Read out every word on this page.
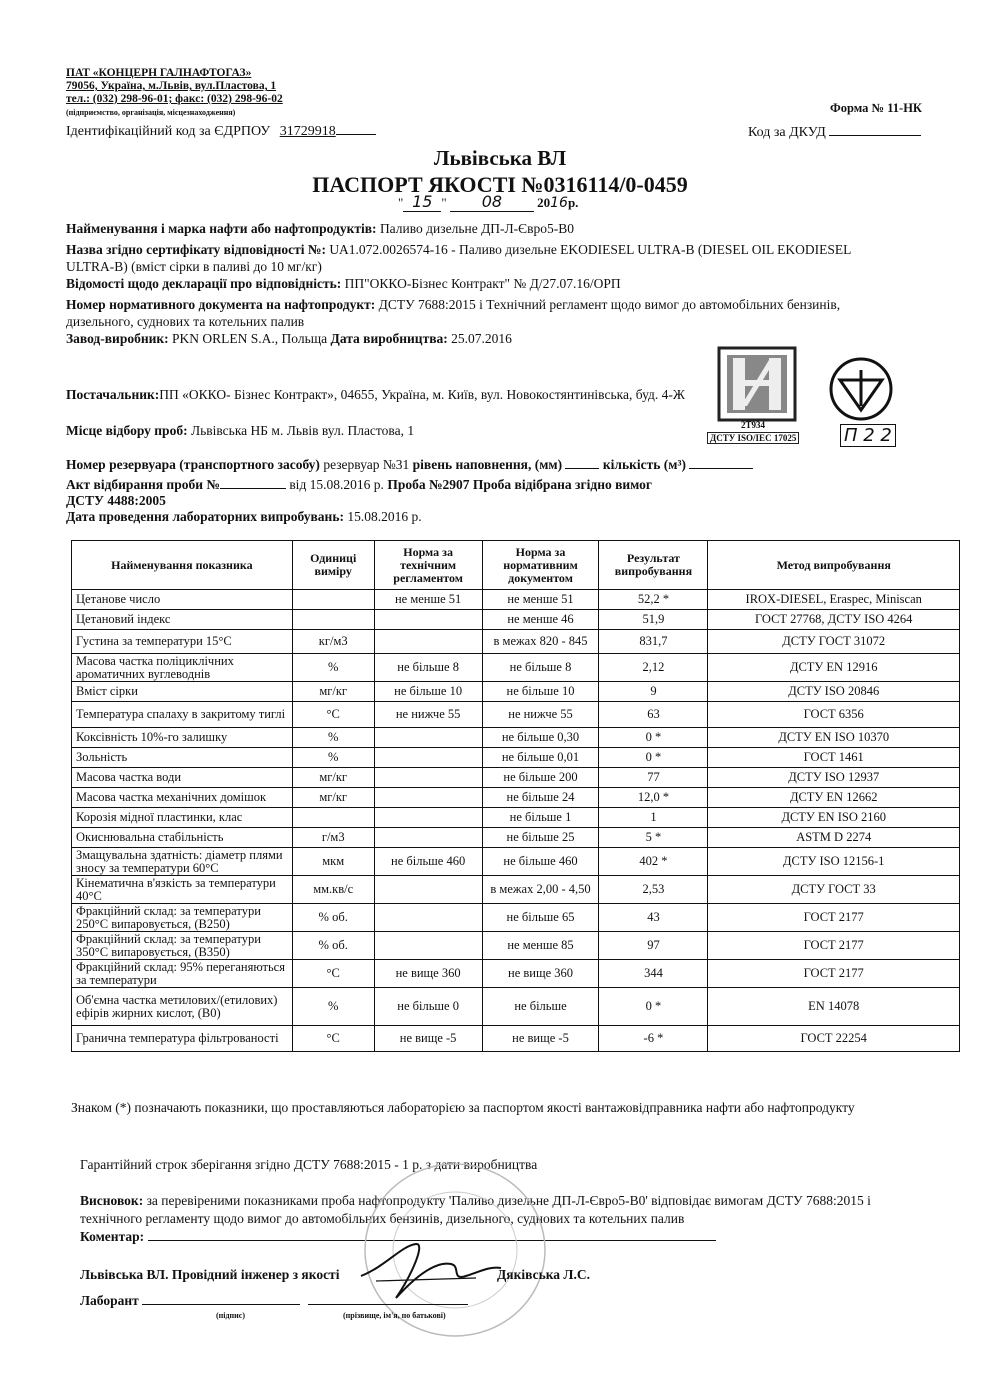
ПАТ «КОНЦЕРН ГАЛНАФТОГАЗ»
79056, Україна, м.Львів, вул.Пластова, 1
тел.: (032) 298-96-01; факс: (032) 298-96-02
(підприємство, організація, місцезнаходження)
Ідентифікаційний код за ЄДРПОУ 31729918
Форма № 11-НК
Код за ДКУД
Львівська ВЛ
ПАСПОРТ ЯКОСТІ №0316114/0-0459
" 15 " 08	2016р.
Найменування і марка нафти або нафтопродуктів: Паливо дизельне ДП-Л-Євро5-В0
Назва згідно сертифікату відповідності №: UA1.072.0026574-16 - Паливо дизельне EKODIESEL ULTRA-B (DIESEL OIL EKODIESEL
ULTRA-B) (вміст сірки в паливі до 10 мг/кг)
Відомості щодо декларації про відповідність: ПП"ОККО-Бізнес Контракт" № Д/27.07.16/ОРП
Номер нормативного документа на нафтопродукт: ДСТУ 7688:2015 і Технічний регламент щодо вимог до автомобільних бензинів,
дизельного, суднових та котельних палив
Завод-виробник: PKN ORLEN S.A., Польща Дата виробництва: 25.07.2016
2Т934
ДСТУ ISO/IEC 17025	П 2 2
Постачальник:ПП «ОККО- Бізнес Контракт», 04655, Україна, м. Київ, вул. Новокостянтинівська, буд. 4-Ж
Місце відбору проб: Львівська НБ м. Львів вул. Пластова, 1
Номер резервуара (транспортного засобу) резервуар №31 рівень наповнення, (мм)	кількість (м³)
Акт відбирання проби №	від 15.08.2016 р. Проба №2907 Проба відібрана згідно вимог
ДСТУ 4488:2005
Дата проведення лабораторних випробувань: 15.08.2016 р.
Найменування показника	Одиниці виміру	Норма за технічним регламентом	Норма за нормативним документом	Результат випробування	Метод випробування
Цетанове число		не менше 51	не менше 51	52,2 *	IROX-DIESEL, Eraspec, Miniscan
Цетановий індекс			не менше 46	51,9	ГОСТ 27768, ДСТУ ISO 4264
Густина за температури 15°С	кг/м3		в межах 820 - 845	831,7	ДСТУ ГОСТ 31072
Масова частка поліциклічних ароматичних вуглеводнів	%	не більше 8	не більше 8	2,12	ДСТУ EN 12916
Вміст сірки	мг/кг	не більше 10	не більше 10	9	ДСТУ ISO 20846
Температура спалаху в закритому тиглі	°С	не нижче 55	не нижче 55	63	ГОСТ 6356
Коксівність 10%-го залишку	%		не більше 0,30	0 *	ДСТУ EN ISO 10370
Зольність	%		не більше 0,01	0 *	ГОСТ 1461
Масова частка води	мг/кг		не більше 200	77	ДСТУ ISO 12937
Масова частка механічних домішок	мг/кг		не більше 24	12,0 *	ДСТУ EN 12662
Корозія мідної пластинки, клас			не більше 1	1	ДСТУ EN ISO 2160
Окиснювальна стабільність	г/м3		не більше 25	5 *	ASTM D 2274
Змащувальна здатність: діаметр плями зносу за температури 60°С	мкм	не більше 460	не більше 460	402 *	ДСТУ ISO 12156-1
Кінематична в'язкість за температури 40°С	мм.кв/с		в межах 2,00 - 4,50	2,53	ДСТУ ГОСТ 33
Фракційний склад: за температури 250°С випаровується, (В250)	% об.		не більше 65	43	ГОСТ 2177
Фракційний склад: за температури 350°С випаровується, (В350)	% об.		не менше 85	97	ГОСТ 2177
Фракційний склад: 95% переганяються за температури	°С	не вище 360	не вище 360	344	ГОСТ 2177
Об'ємна частка метилових/(етилових) ефірів жирних кислот, (В0)	%	не більше 0	не більше	0 *	EN 14078
Гранична температура фільтрованості	°С	не вище -5	не вище -5	-6 *	ГОСТ 22254
Знаком (*) позначають показники, що проставляються лабораторією за паспортом якості вантажовідправника нафти або нафтопродукту
Гарантійний строк зберігання згідно ДСТУ 7688:2015 - 1 р. з дати виробництва
Висновок: за перевіреними показниками проба нафтопродукту 'Паливо дизельне ДП-Л-Євро5-В0' відповідає вимогам ДСТУ 7688:2015 і
технічного регламенту щодо вимог до автомобільних бензинів, дизельного, суднових та котельних палив
Коментар:
Львівська ВЛ. Провідний інженер з якості	Дяківська Л.С.
Лаборант
(підпис)	(прізвище, ім'я, по батькові)
